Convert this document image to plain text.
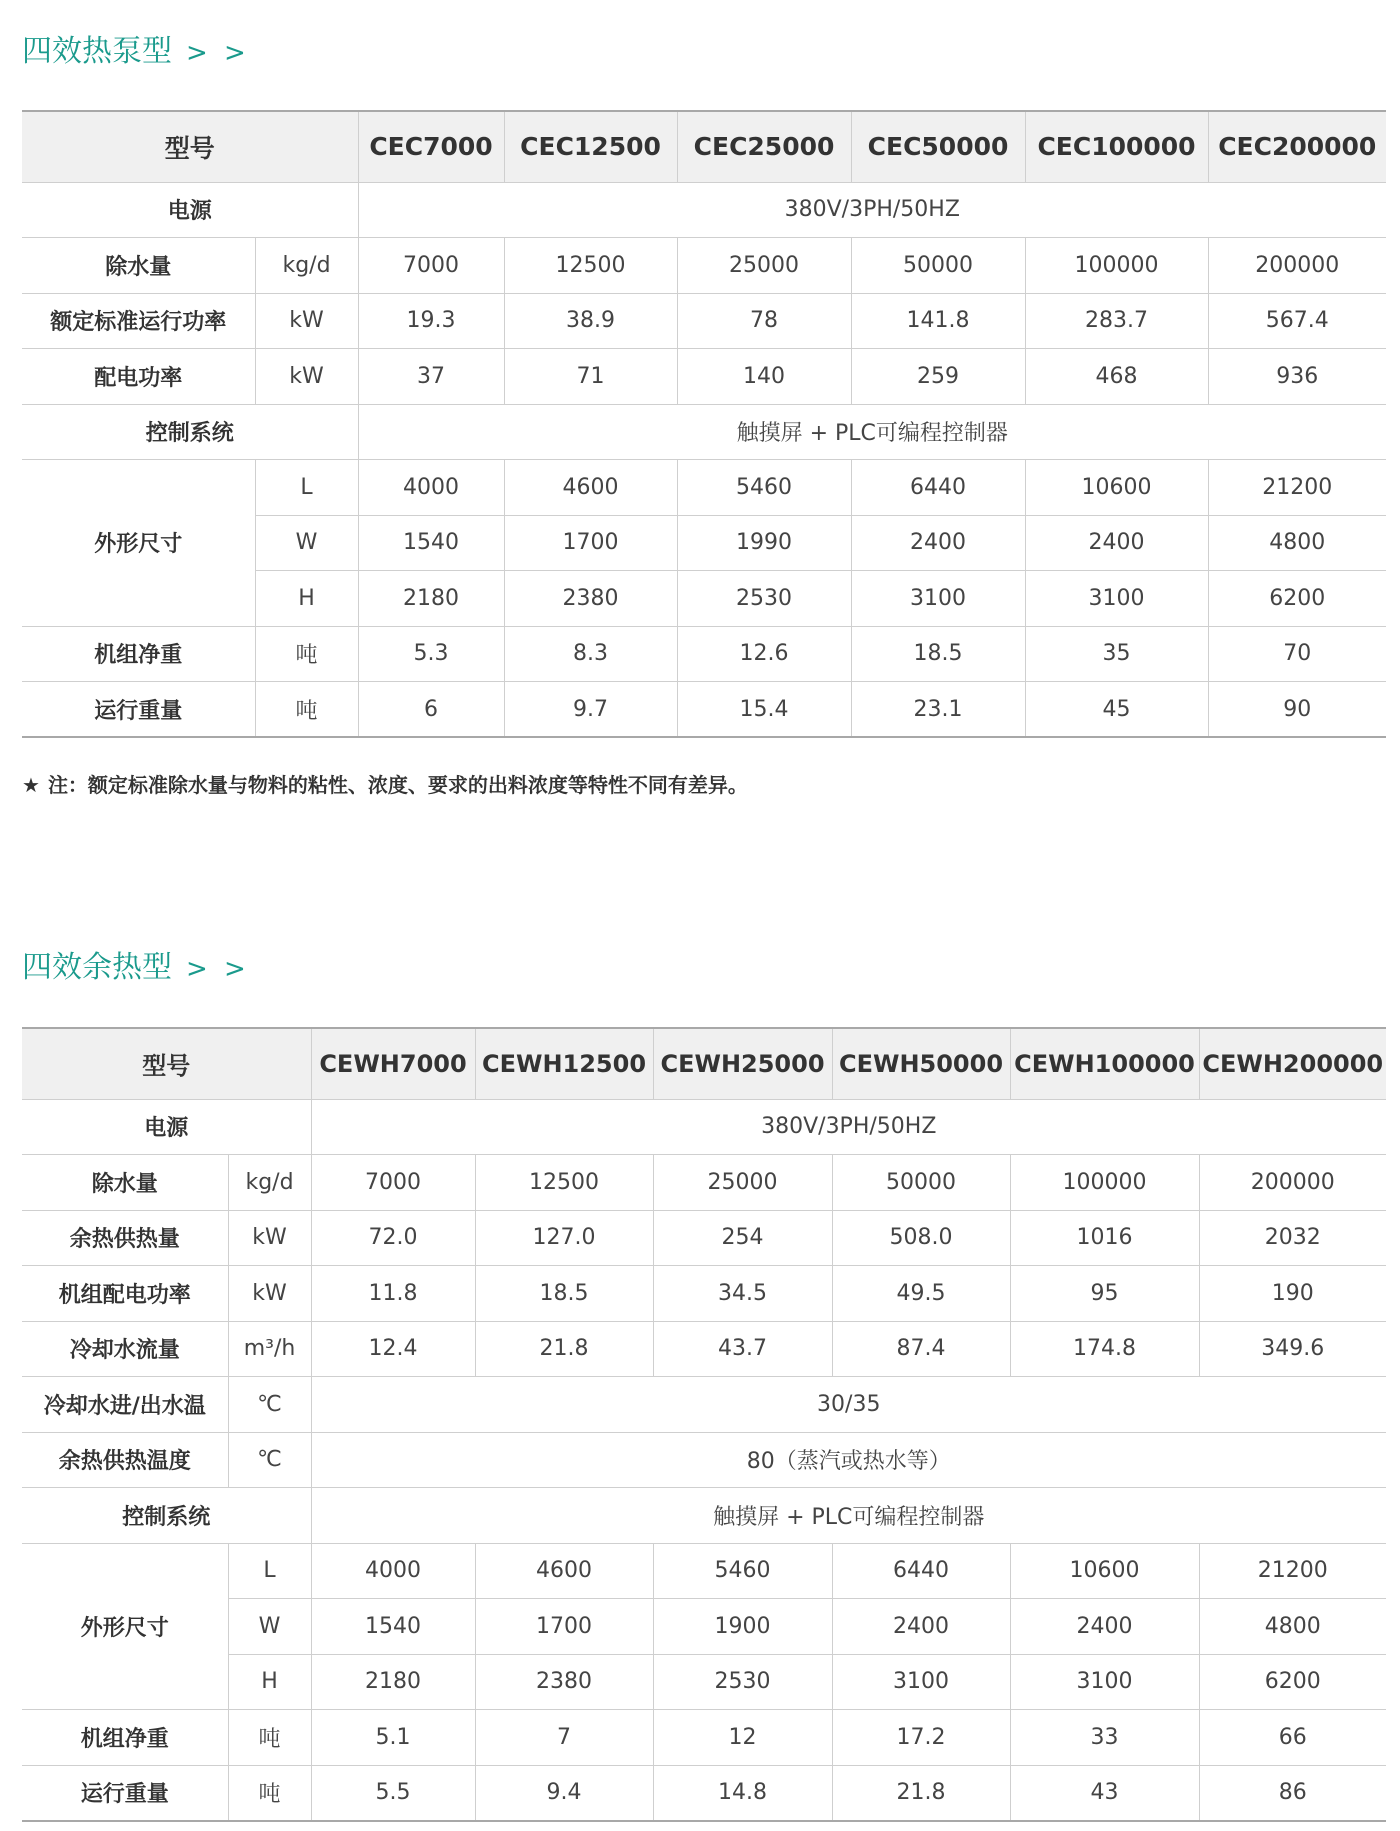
四效热泵型 > >
型号		CEC7000	CEC12500	CEC25000	CEC50000	CEC100000	CEC200000
电源		380V/3PH/50HZ					
除水量	kg/d	7000	12500	25000	50000	100000	200000
额定标准运行功率	kW	19.3	38.9	78	141.8	283.7	567.4
配电功率	kW	37	71	140	259	468	936
控制系统		触摸屏 + PLC可编程控制器					
外形尺寸	L	4000	4600	5460	6440	10600	21200
	W	1540	1700	1990	2400	2400	4800
	H	2180	2380	2530	3100	3100	6200
机组净重	吨	5.3	8.3	12.6	18.5	35	70
运行重量	吨	6	9.7	15.4	23.1	45	90

★ 注：额定标准除水量与物料的粘性、浓度、要求的出料浓度等特性不同有差异。

四效余热型 > >
型号		CEWH7000	CEWH12500	CEWH25000	CEWH50000	CEWH100000	CEWH200000
电源		380V/3PH/50HZ					
除水量	kg/d	7000	12500	25000	50000	100000	200000
余热供热量	kW	72.0	127.0	254	508.0	1016	2032
机组配电功率	kW	11.8	18.5	34.5	49.5	95	190
冷却水流量	m³/h	12.4	21.8	43.7	87.4	174.8	349.6
冷却水进/出水温	℃	30/35					
余热供热温度	℃	80（蒸汽或热水等）					
控制系统		触摸屏 + PLC可编程控制器					
外形尺寸	L	4000	4600	5460	6440	10600	21200
	W	1540	1700	1900	2400	2400	4800
	H	2180	2380	2530	3100	3100	6200
机组净重	吨	5.1	7	12	17.2	33	66
运行重量	吨	5.5	9.4	14.8	21.8	43	86
